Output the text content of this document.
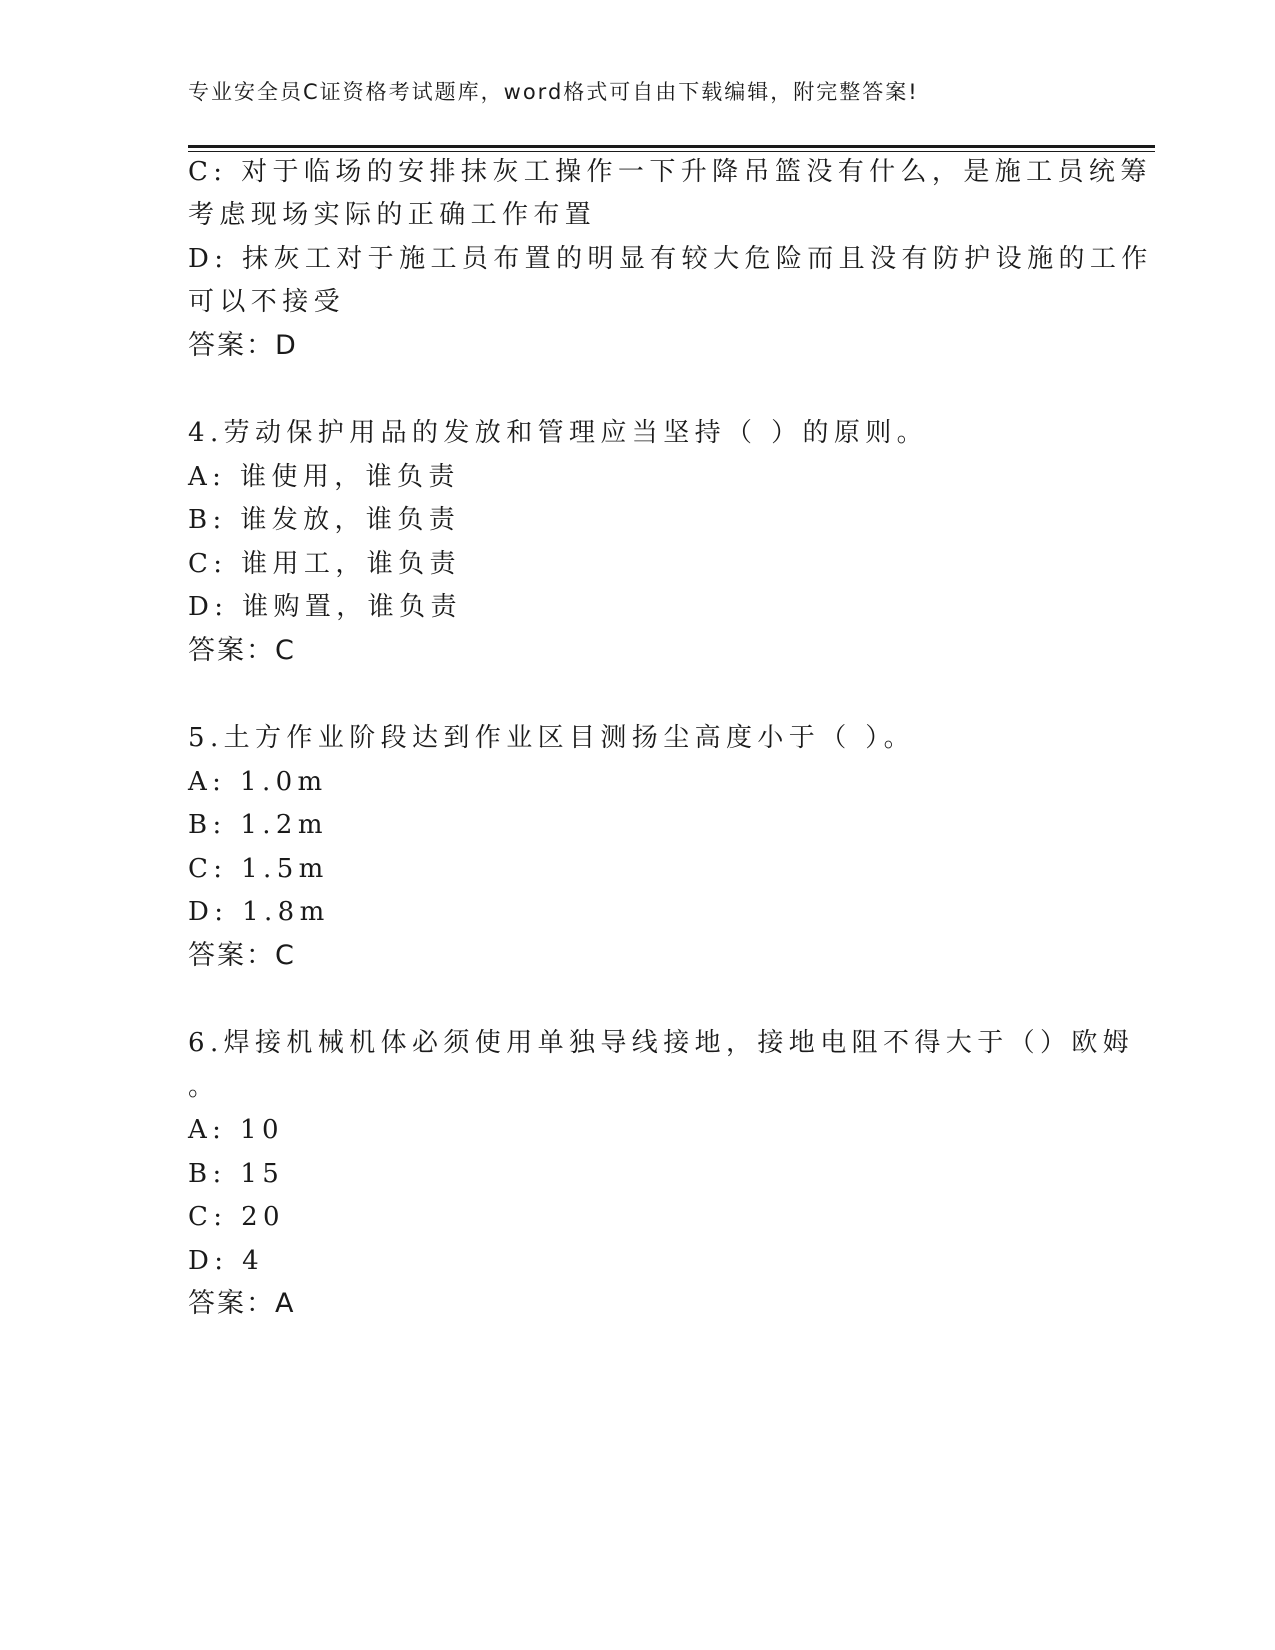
专业安全员C证资格考试题库，word格式可自由下载编辑，附完整答案!
C: 对于临场的安排抹灰工操作一下升降吊篮没有什么，是施工员统筹
考虑现场实际的正确工作布置
D: 抹灰工对于施工员布置的明显有较大危险而且没有防护设施的工作
可以不接受
答案：D
4.劳动保护用品的发放和管理应当坚持（ ）的原则。
A: 谁使用，谁负责
B: 谁发放，谁负责
C: 谁用工，谁负责
D: 谁购置，谁负责
答案：C
5.土方作业阶段达到作业区目测扬尘高度小于（ ）。
A: 1.0m
B: 1.2m
C: 1.5m
D: 1.8m
答案：C
6.焊接机械机体必须使用单独导线接地，接地电阻不得大于（）欧姆
。
A: 10
B: 15
C: 20
D: 4
答案：A
